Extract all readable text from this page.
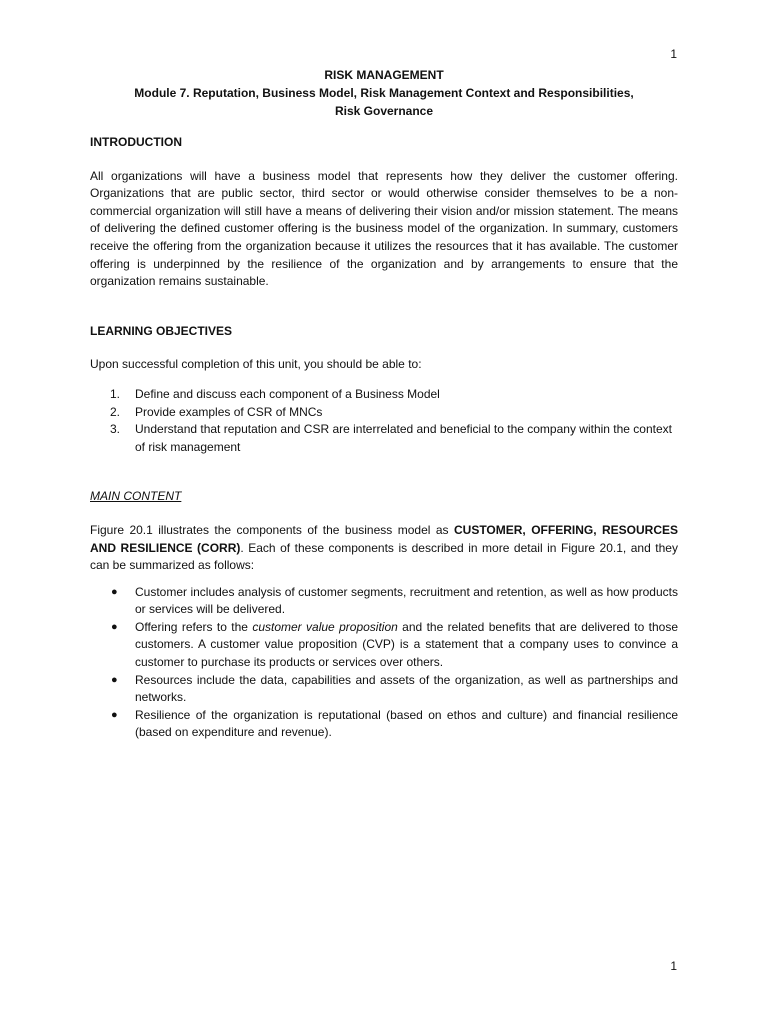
1
RISK MANAGEMENT
Module 7. Reputation, Business Model, Risk Management Context and Responsibilities,
Risk Governance
INTRODUCTION

All organizations will have a business model that represents how they deliver the customer offering. Organizations that are public sector, third sector or would otherwise consider themselves to be a non-commercial organization will still have a means of delivering their vision and/or mission statement. The means of delivering the defined customer offering is the business model of the organization. In summary, customers receive the offering from the organization because it utilizes the resources that it has available. The customer offering is underpinned by the resilience of the organization and by arrangements to ensure that the organization remains sustainable.

LEARNING OBJECTIVES

Upon successful completion of this unit, you should be able to:

1. Define and discuss each component of a Business Model
2. Provide examples of CSR of MNCs
3. Understand that reputation and CSR are interrelated and beneficial to the company within the context of risk management
MAIN CONTENT

Figure 20.1 illustrates the components of the business model as CUSTOMER, OFFERING, RESOURCES AND RESILIENCE (CORR). Each of these components is described in more detail in Figure 20.1, and they can be summarized as follows:

● Customer includes analysis of customer segments, recruitment and retention, as well as how products or services will be delivered.

● Offering refers to the customer value proposition and the related benefits that are delivered to those customers. A customer value proposition (CVP) is a statement that a company uses to convince a customer to purchase its products or services over others.

● Resources include the data, capabilities and assets of the organization, as well as partnerships and networks.

● Resilience of the organization is reputational (based on ethos and culture) and financial resilience (based on expenditure and revenue).

1
